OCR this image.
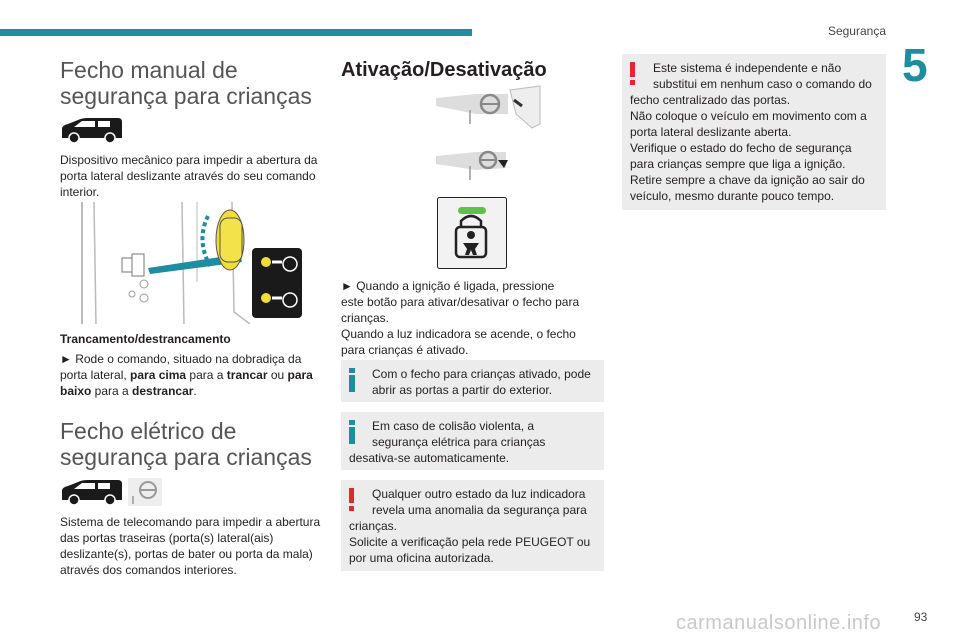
Segurança
5
Fecho manual de
segurança para crianças

Dispositivo mecânico para impedir a abertura da

porta lateral deslizante através do seu comando

interior.

Trancamento/destrancamento

► Rode o comando, situado na dobradiça da

porta lateral, para cima para a trancar ou para

baixo para a destrancar.

Fecho elétrico de
segurança para crianças

Sistema de telecomando para impedir a abertura

das portas traseiras (porta(s) lateral(ais)

deslizante(s), portas de bater ou porta da mala)

através dos comandos interiores.

Ativação/Desativação

► Quando a ignição é ligada, pressione

este botão para ativar/desativar o fecho para

crianças.

Quando a luz indicadora se acende, o fecho

para crianças é ativado.

Com o fecho para crianças ativado, pode

abrir as portas a partir do exterior.

Em caso de colisão violenta, a

segurança elétrica para crianças

desativa-se automaticamente.

Qualquer outro estado da luz indicadora

revela uma anomalia da segurança para

crianças.

Solicite a verificação pela rede PEUGEOT ou

por uma oficina autorizada.

Este sistema é independente e não

substitui em nenhum caso o comando do

fecho centralizado das portas.

Não coloque o veículo em movimento com a

porta lateral deslizante aberta.

Verifique o estado do fecho de segurança

para crianças sempre que liga a ignição.

Retire sempre a chave da ignição ao sair do

veículo, mesmo durante pouco tempo.

carmanualsonline.info	93
